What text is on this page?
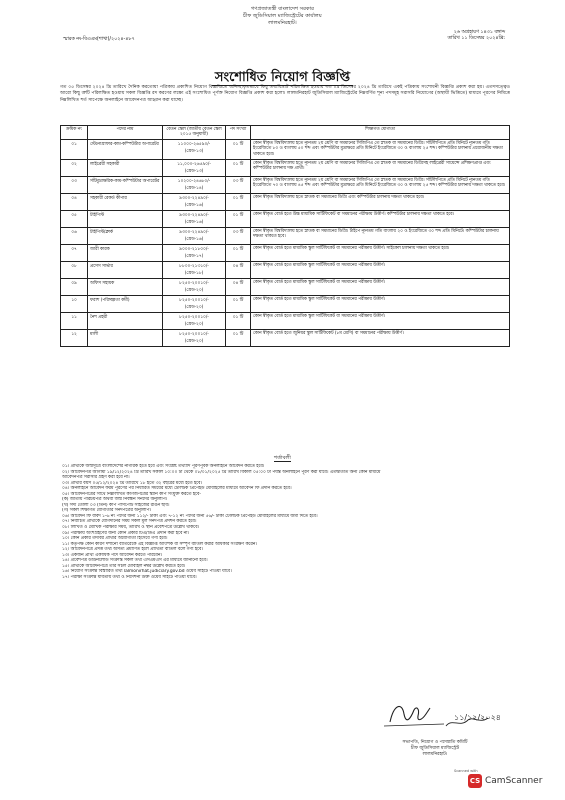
গণপ্রজাতন্ত্রী বাংলাদেশ সরকার
চীফ জুডিসিয়াল ম্যাজিস্ট্রেটের কার্যালয়
লালমনিরহাট।
স্মারক নং-বিএএম(শাখা)/২০২৪-৪৮৭
২৬ অগ্রহায়ণ ১৪৩১ বঙ্গাব্দ
তারিখ ১১ ডিসেম্বর ২০২৪খ্রি:
সংশোধিত নিয়োগ বিজ্ঞপ্তি
গত ০৫ ডিসেম্বর ২০২৪ খ্রি তারিখে দৈনিক করতোয়া পত্রিকায় প্রকাশিত নিয়োগ বিজ্ঞপ্তিতে অনিচ্ছাকৃতভাবে কিছু তথ্যবিভ্রাট পরিলক্ষিত হওয়ায় গত ০৯ ডিসেম্বর ২০২৪ খ্রি তারিখে একই পত্রিকায় সংশোধনী বিজ্ঞপ্তি প্রকাশ করা হয়। এতদসত্ত্বেও আরো কিছু ত্রুটি পরিলক্ষিত হওয়ায় সকল বিজ্ঞপ্তি রদ করণের লক্ষ্যে এই সংশোধিত পূর্ণাঙ্গ নিয়োগ বিজ্ঞপ্তি প্রকাশ করা হলো। লালমনিরহাট জুডিসিয়াল ম্যাজিস্ট্রেটের নিম্নবর্ণিত শূন্য পদসমূহ সরাসরি নিয়োগের (অস্থায়ী ভিত্তিতে) মাধ্যমে পূরণের নিমিত্তে নিম্নলিখিত শর্ত সাপেক্ষে অনলাইনে আবেদনপত্র আহ্বান করা যাচ্ছে।
ক্রমিক নং	পদের নাম	বেতন স্কেল (জাতীয় বেতন স্কেল ২০১৫ অনুযায়ী)	পদ সংখ্যা	শিক্ষাগত যোগ্যতা
০১	স্টেনোগ্রাফার-কাম-কম্পিউটার অপারেটর	১১০০০-২৬৫৯০/-
(গ্রেড-১৩)	০১ টি	কোন স্বীকৃত বিশ্ববিদ্যালয় হতে ন্যূনতম ২য় শ্রেণি বা সমমানের সিজিপিএ তে স্নাতক বা সমমানের ডিগ্রি। সাঁটলিপিতে প্রতি মিনিটে ন্যূনতম গতি ইংরেজিতে ৮০ ও বাংলায় ৫০ শব্দ এবং কম্পিউটার মুদ্রাক্ষরে প্রতি মিনিটে ইংরেজিতে ৩০ ও বাংলায় ২৫ শব্দ। কম্পিউটার চালনায় প্রয়োজনীয় দক্ষতা থাকতে হবে।
০২	লাইব্রেরী সহকারী	১১,০০০-২৬৫৯০/-
(গ্রেড-১৩)	০১ টি	কোন স্বীকৃত বিশ্ববিদ্যালয় হতে ন্যূনতম ২য় শ্রেণি বা সমমানের সিজিপিএ তে স্নাতক বা সমমানের ডিগ্রিসহ লাইব্রেরী সায়েন্সে প্রশিক্ষণপ্রাপ্ত এবং কম্পিউটার চালনায় দক্ষ প্রার্থী।
০৩	সাঁটমুদ্রাক্ষরিক-কাম-কম্পিউটার অপারেটর	১০২০০-২৪৬৮০/-
(গ্রেড-১৪)	০৩ টি	কোন স্বীকৃত বিশ্ববিদ্যালয় হতে ন্যূনতম ২য় শ্রেণি বা সমমানের সিজিপিএ তে স্নাতক বা সমমানের ডিগ্রি। সাঁটলিপিতে প্রতি মিনিটে ন্যূনতম গতি ইংরেজিতে ৭০ ও বাংলায় ৪৫ শব্দ এবং কম্পিউটার মুদ্রাক্ষরে প্রতি মিনিটে ইংরেজিতে ৩০ ও বাংলায় ২৫ শব্দ। কম্পিউটার চালনায় দক্ষতা থাকতে হবে।
০৪	সহকারী রেকর্ড কীপার	৯৩০০-২২৪৯০/-
(গ্রেড-১৬)	০১ টি	কোন স্বীকৃত বিশ্ববিদ্যালয় হতে স্নাতক বা সমমানের ডিগ্রি এবং কম্পিউটার চালনায় দক্ষতা থাকতে হবে।
০৫	টাইপিস্ট	৯৩০০-২২৪৯০/-
(গ্রেড-১৬)	০১ টি	কোন স্বীকৃত বোর্ড হতে উচ্চ মাধ্যমিক সার্টিফিকেট বা সমমানের পরীক্ষায় উত্তীর্ণ। কম্পিউটার চালনায় দক্ষতা থাকতে হবে।
০৬	টাইপিস্ট/ক্লার্ক	৯৩০০-২২৪৯০/-
(গ্রেড-১৬)	০৩ টি	কোন স্বীকৃত বিশ্ববিদ্যালয় হতে স্নাতক বা সমমানের ডিগ্রি। টাইপে ন্যূনতম গতি বাংলায় ২০ ও ইংরেজিতে ৩০ শব্দ প্রতি মিনিটে। কম্পিউটার চালনায় দক্ষতা থাকতে হবে।
০৭	জারী কারক	৯০০০-২১৮০০/-
(গ্রেড-১৭)	০১ টি	কোন স্বীকৃত বোর্ড হতে মাধ্যমিক স্কুল সার্টিফিকেট বা সমমানের পরীক্ষায় উত্তীর্ণ। সাইকেল চালনায় দক্ষতা থাকতে হবে।
০৮	প্রসেস সার্ভার	৮৮০০-২১৩১০/-
(গ্রেড-১৮)	০৪ টি	কোন স্বীকৃত বোর্ড হতে মাধ্যমিক স্কুল সার্টিফিকেট বা সমমানের পরীক্ষায় উত্তীর্ণ।
০৯	অফিস সহায়ক	৮২৫০-২০০১০/-
(গ্রেড-২০)	০৪ টি	কোন স্বীকৃত বোর্ড হতে মাধ্যমিক স্কুল সার্টিফিকেট বা সমমানের পরীক্ষায় উত্তীর্ণ।
১০	ফরাশ (পরিচ্ছন্নতা কর্মী)	৮২৫০-২০০১০/-
(গ্রেড-২০)	০১ টি	কোন স্বীকৃত বোর্ড হতে মাধ্যমিক স্কুল সার্টিফিকেট বা সমমানের পরীক্ষায় উত্তীর্ণ।
১১	নৈশ প্রহরী	৮২৫০-২০০১০/-
(গ্রেড-২০)	০১ টি	কোন স্বীকৃত বোর্ড হতে মাধ্যমিক স্কুল সার্টিফিকেট বা সমমানের পরীক্ষায় উত্তীর্ণ।
১২	মালী	৮২৫০-২০০১০/-
(গ্রেড-২০)	০১ টি	কোন স্বীকৃত বোর্ড হতে জুনিয়র স্কুল সার্টিফিকেট (৮ম শ্রেণি) বা সমমানের পরীক্ষায় উত্তীর্ণ।
শর্তাবলী
০১। প্রার্থীকে জন্মসূত্রে বাংলাদেশের নাগরিক হতে হবে এবং সংশ্লিষ্ট তথ্যাদি পূরণপূর্বক অনলাইনে আবেদন করতে হবে।
০২। আবেদনপত্র আগামী ১৯/১২/২০২৪ খ্রি তারিখ সকাল ১০:০০ টা থেকে ০৮/০১/২০২৫ খ্রি তারিখ বিকাল ০৫:০০ টা পর্যন্ত অনলাইনে পূরণ করা যাবে। এতদ্ব্যতীত অন্য কোন মাধ্যমে
আবেদনপত্র সরাসরি গ্রহণ করা হবে না।
০৩। প্রার্থীর বয়স ০৫/১২/২০২৪ খ্রি তারিখে ১৮ হতে ৩২ বছরের মধ্যে হতে হবে।
০৪। অনলাইনে আবেদন ফরম পূরণের পর নির্ধারিত সময়ের মধ্যে টেলিটক প্রিপেইড মোবাইলের মাধ্যমে আবেদন ফি প্রদান করতে হবে।
০৫। আবেদনপত্রের সাথে নিম্নলিখিত কাগজপত্রের স্ক্যান কপি সংযুক্ত করতে হবে-
(ক) জাতীয় পরিচয়পত্র অথবা জন্ম নিবন্ধন সনদের অনুলিপি।
(খ) সদ্য তোলা ০৩ (তিন) কপি পাসপোর্ট সাইজের রঙিন ছবি।
(গ) সকল শিক্ষাগত যোগ্যতার সনদপত্রের অনুলিপি।
০৬। আবেদন ফি বাবদ ১-৬ নং পদের জন্য ১১২/- টাকা এবং ৭-১২ নং পদের জন্য ৫৬/- টাকা টেলিটক প্রিপেইড মোবাইলের মাধ্যমে জমা দিতে হবে।
০৭। নির্বাচিত প্রার্থীকে যোগদানের সময় সকল মূল সনদপত্র প্রদর্শন করতে হবে।
০৮। লিখিত ও মৌখিক পরীক্ষার সময়, তারিখ ও স্থান প্রবেশপত্রে উল্লেখ থাকবে।
০৯। পরীক্ষায় অংশগ্রহণের জন্য কোন প্রকার টিএ/ডিএ প্রদান করা হবে না।
১০। কোন প্রকার তদবির প্রার্থীর অযোগ্যতা হিসেবে গণ্য হবে।
১১। কর্তৃপক্ষ কোন কারণ দর্শানো ব্যতিরেকে এই বিজ্ঞপ্তি আংশিক বা সম্পূর্ণ বাতিল করার অধিকার সংরক্ষণ করেন।
১২। আবেদনপত্রে প্রদত্ত তথ্য অসত্য প্রমাণিত হলে প্রার্থিতা বাতিল বলে গণ্য হবে।
১৩। একজন প্রার্থী একাধিক পদে আবেদন করতে পারবেন।
১৪। প্রবেশপত্র ডাউনলোড সংক্রান্ত সকল তথ্য এসএমএস এর মাধ্যমে জানানো হবে।
১৫। প্রার্থীকে আবেদনপত্রে তার সচল মোবাইল নম্বর উল্লেখ করতে হবে।
১৬। নিয়োগ সংক্রান্ত বিস্তারিত তথ্য lalmonirhat.judiciary.gov.bd ওয়েব সাইটে পাওয়া যাবে।
১৭। পরীক্ষা সংক্রান্ত যাবতীয় তথ্য ও নির্দেশনা উক্ত ওয়েব সাইটে পাওয়া যাবে।
১১/১২/২০২৪
সভাপতি, নিয়োগ ও পদোন্নতি কমিটি
চীফ জুডিসিয়াল ম্যাজিস্ট্রেট
লালমনিরহাট।
Scanned with
CS CamScanner
